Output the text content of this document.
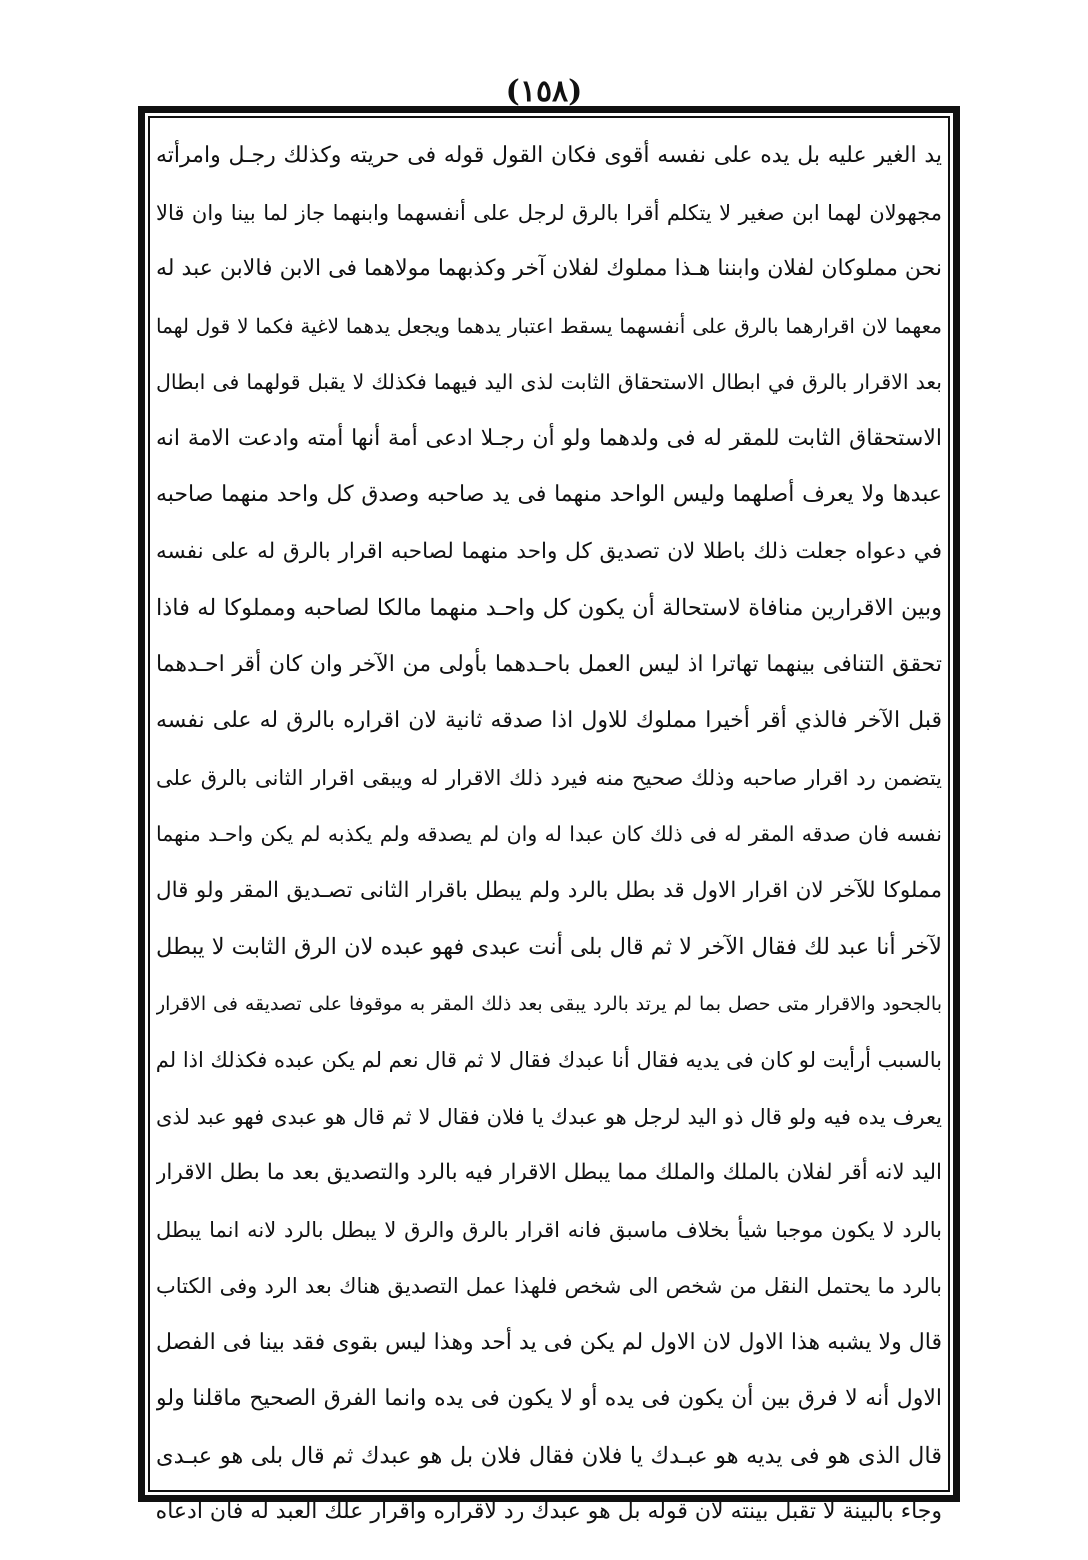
(١٥٨)
يد الغير عليه بل يده على نفسه أقوى فكان القول قوله فى حريته وكذلك رجـل وامرأته
مجهولان لهما ابن صغير لا يتكلم أقرا بالرق لرجل على أنفسهما وابنهما جاز لما بينا وان قالا
نحن مملوكان لفلان وابننا هـذا مملوك لفلان آخر وكذبهما مولاهما فى الابن فالابن عبد له
معهما لان اقرارهما بالرق على أنفسهما يسقط اعتبار يدهما ويجعل يدهما لاغية فكما لا قول لهما
بعد الاقرار بالرق في ابطال الاستحقاق الثابت لذى اليد فيهما فكذلك لا يقبل قولهما فى ابطال
الاستحقاق الثابت للمقر له فى ولدهما ولو أن رجـلا ادعى أمة أنها أمته وادعت الامة انه
عبدها ولا يعرف أصلهما وليس الواحد منهما فى يد صاحبه وصدق كل واحد منهما صاحبه
في دعواه جعلت ذلك باطلا لان تصديق كل واحد منهما لصاحبه اقرار بالرق له على نفسه
وبين الاقرارين منافاة لاستحالة أن يكون كل واحـد منهما مالكا لصاحبه ومملوكا له فاذا
تحقق التنافى بينهما تهاترا اذ ليس العمل باحـدهما بأولى من الآخر وان كان أقر احـدهما
قبل الآخر فالذي أقر أخيرا مملوك للاول اذا صدقه ثانية لان اقراره بالرق له على نفسه
يتضمن رد اقرار صاحبه وذلك صحيح منه فيرد ذلك الاقرار له ويبقى اقرار الثانى بالرق على
نفسه فان صدقه المقر له فى ذلك كان عبدا له وان لم يصدقه ولم يكذبه لم يكن واحـد منهما
مملوكا للآخر لان اقرار الاول قد بطل بالرد ولم يبطل باقرار الثانى تصـديق المقر ولو قال
لآخر أنا عبد لك فقال الآخر لا ثم قال بلى أنت عبدى فهو عبده لان الرق الثابت لا يبطل
بالجحود والاقرار متى حصل بما لم يرتد بالرد يبقى بعد ذلك المقر به موقوفا على تصديقه فى الاقرار
بالسبب أرأيت لو كان فى يديه فقال أنا عبدك فقال لا ثم قال نعم لم يكن عبده فكذلك اذا لم
يعرف يده فيه ولو قال ذو اليد لرجل هو عبدك يا فلان فقال لا ثم قال هو عبدى فهو عبد لذى
اليد لانه أقر لفلان بالملك والملك مما يبطل الاقرار فيه بالرد والتصديق بعد ما بطل الاقرار
بالرد لا يكون موجبا شيأ بخلاف ماسبق فانه اقرار بالرق والرق لا يبطل بالرد لانه انما يبطل
بالرد ما يحتمل النقل من شخص الى شخص فلهذا عمل التصديق هناك بعد الرد وفى الكتاب
قال ولا يشبه هذا الاول لان الاول لم يكن فى يد أحد وهذا ليس بقوى فقد بينا فى الفصل
الاول أنه لا فرق بين أن يكون فى يده أو لا يكون فى يده وانما الفرق الصحيح ماقلنا ولو
قال الذى هو فى يديه هو عبـدك يا فلان فقال فلان بل هو عبدك ثم قال بلى هو عبـدى
وجاء بالبينة لا تقبل بينته لان قوله بل هو عبدك رد لاقراره واقرار علك العبد له فان ادعاه
